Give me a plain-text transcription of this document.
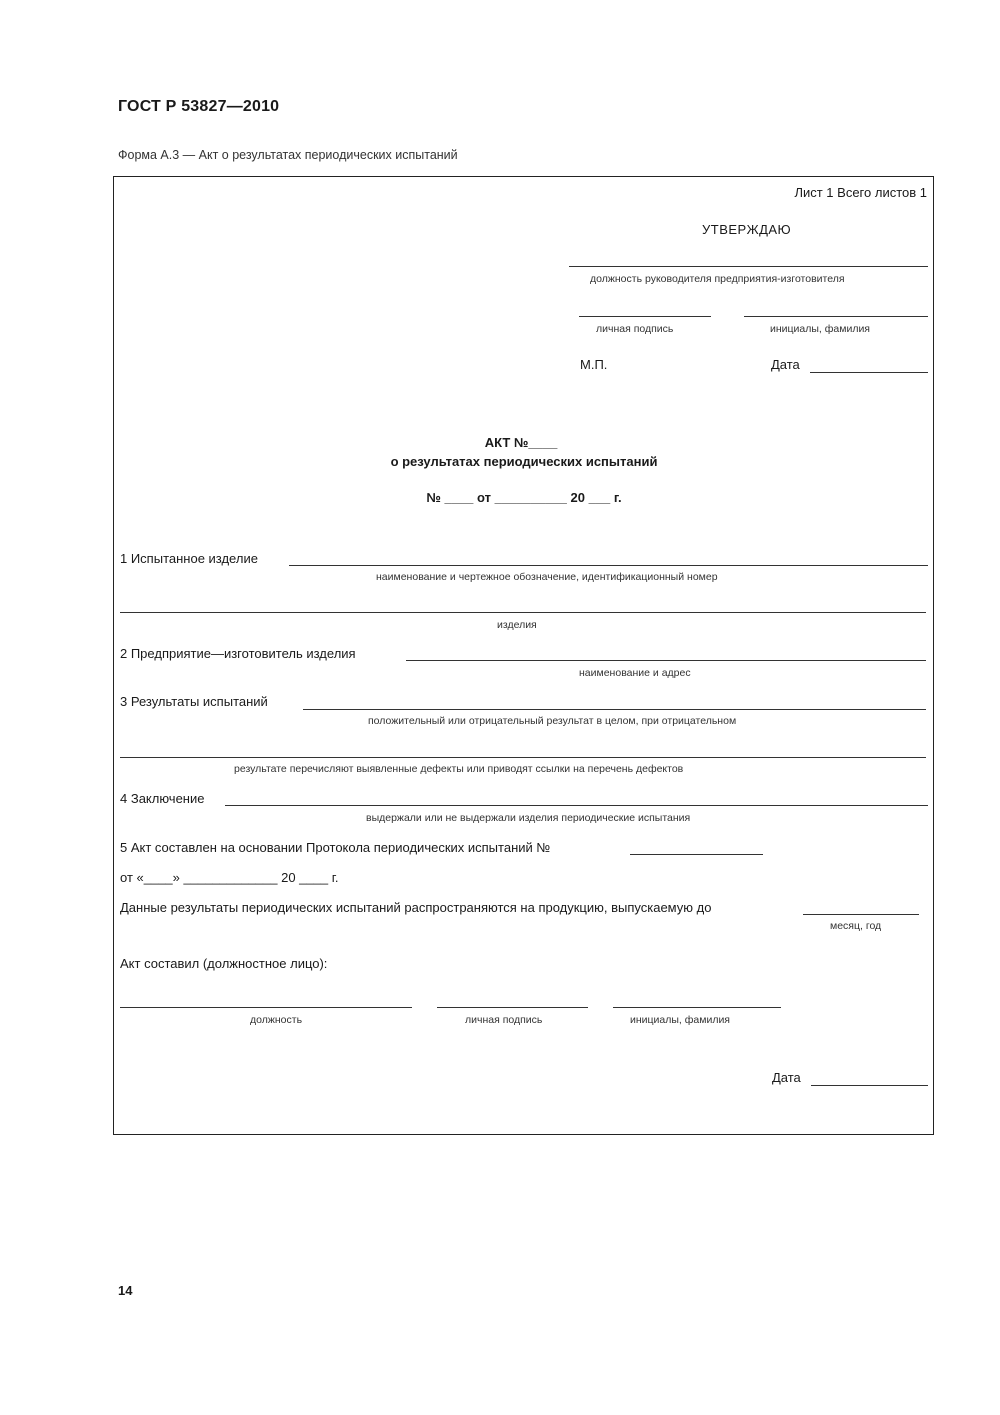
ГОСТ Р 53827—2010
Форма А.3 — Акт о результатах периодических испытаний
Лист 1 Всего листов 1
УТВЕРЖДАЮ
должность руководителя предприятия-изготовителя
личная подпись	инициалы, фамилия
М.П.	Дата
АКТ №____
о результатах периодических испытаний
№ ____ от __________ 20 ___ г.
1 Испытанное изделие
наименование и чертежное обозначение, идентификационный номер
изделия
2 Предприятие—изготовитель изделия
наименование и адрес
3 Результаты испытаний
положительный или отрицательный результат в целом, при отрицательном
результате перечисляют выявленные дефекты или приводят ссылки на перечень дефектов
4 Заключение
выдержали или не выдержали изделия периодические испытания
5 Акт составлен на основании Протокола периодических испытаний №
от «____» _____________ 20 ____ г.
Данные результаты периодических испытаний распространяются на продукцию, выпускаемую до
месяц, год
Акт составил (должностное лицо):
должность	личная подпись	инициалы, фамилия
Дата
14
